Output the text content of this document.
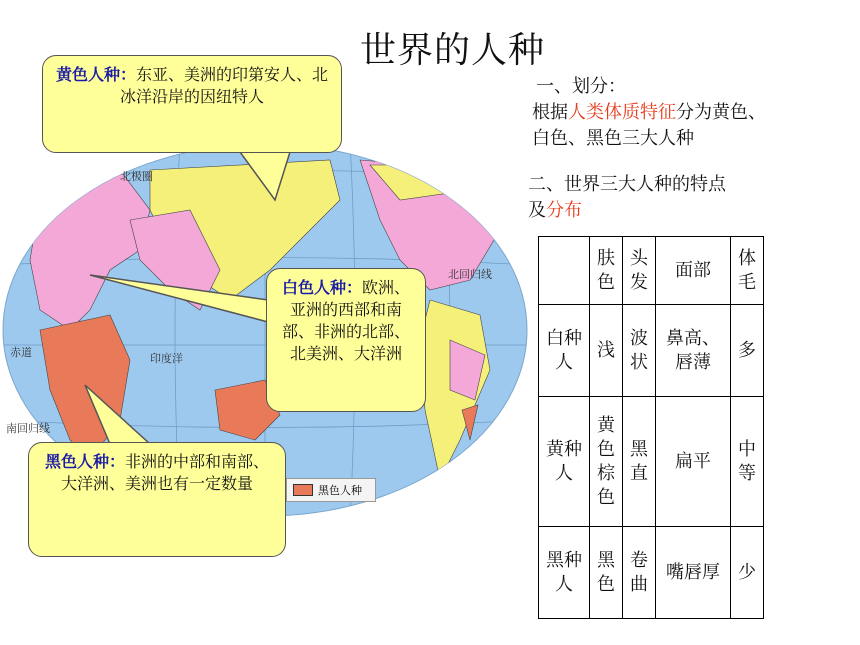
世界的人种
北极圈
北回归线
赤道
南回归线
印度洋
黑色人种
黄色人种：东亚、美洲的印第安人、北冰洋沿岸的因纽特人
白色人种：欧洲、亚洲的西部和南部、非洲的北部、北美洲、大洋洲
黑色人种：非洲的中部和南部、大洋洲、美洲也有一定数量
一、划分：
根据人类体质特征分为黄色、
白色、黑色三大人种
二、世界三大人种的特点
及分布
	肤色	头发	面部	体毛
白种人	浅	波状	鼻高、唇薄	多
黄种人	黄色棕色	黑直	扁平	中等
黑种人	黑色	卷曲	嘴唇厚	少
